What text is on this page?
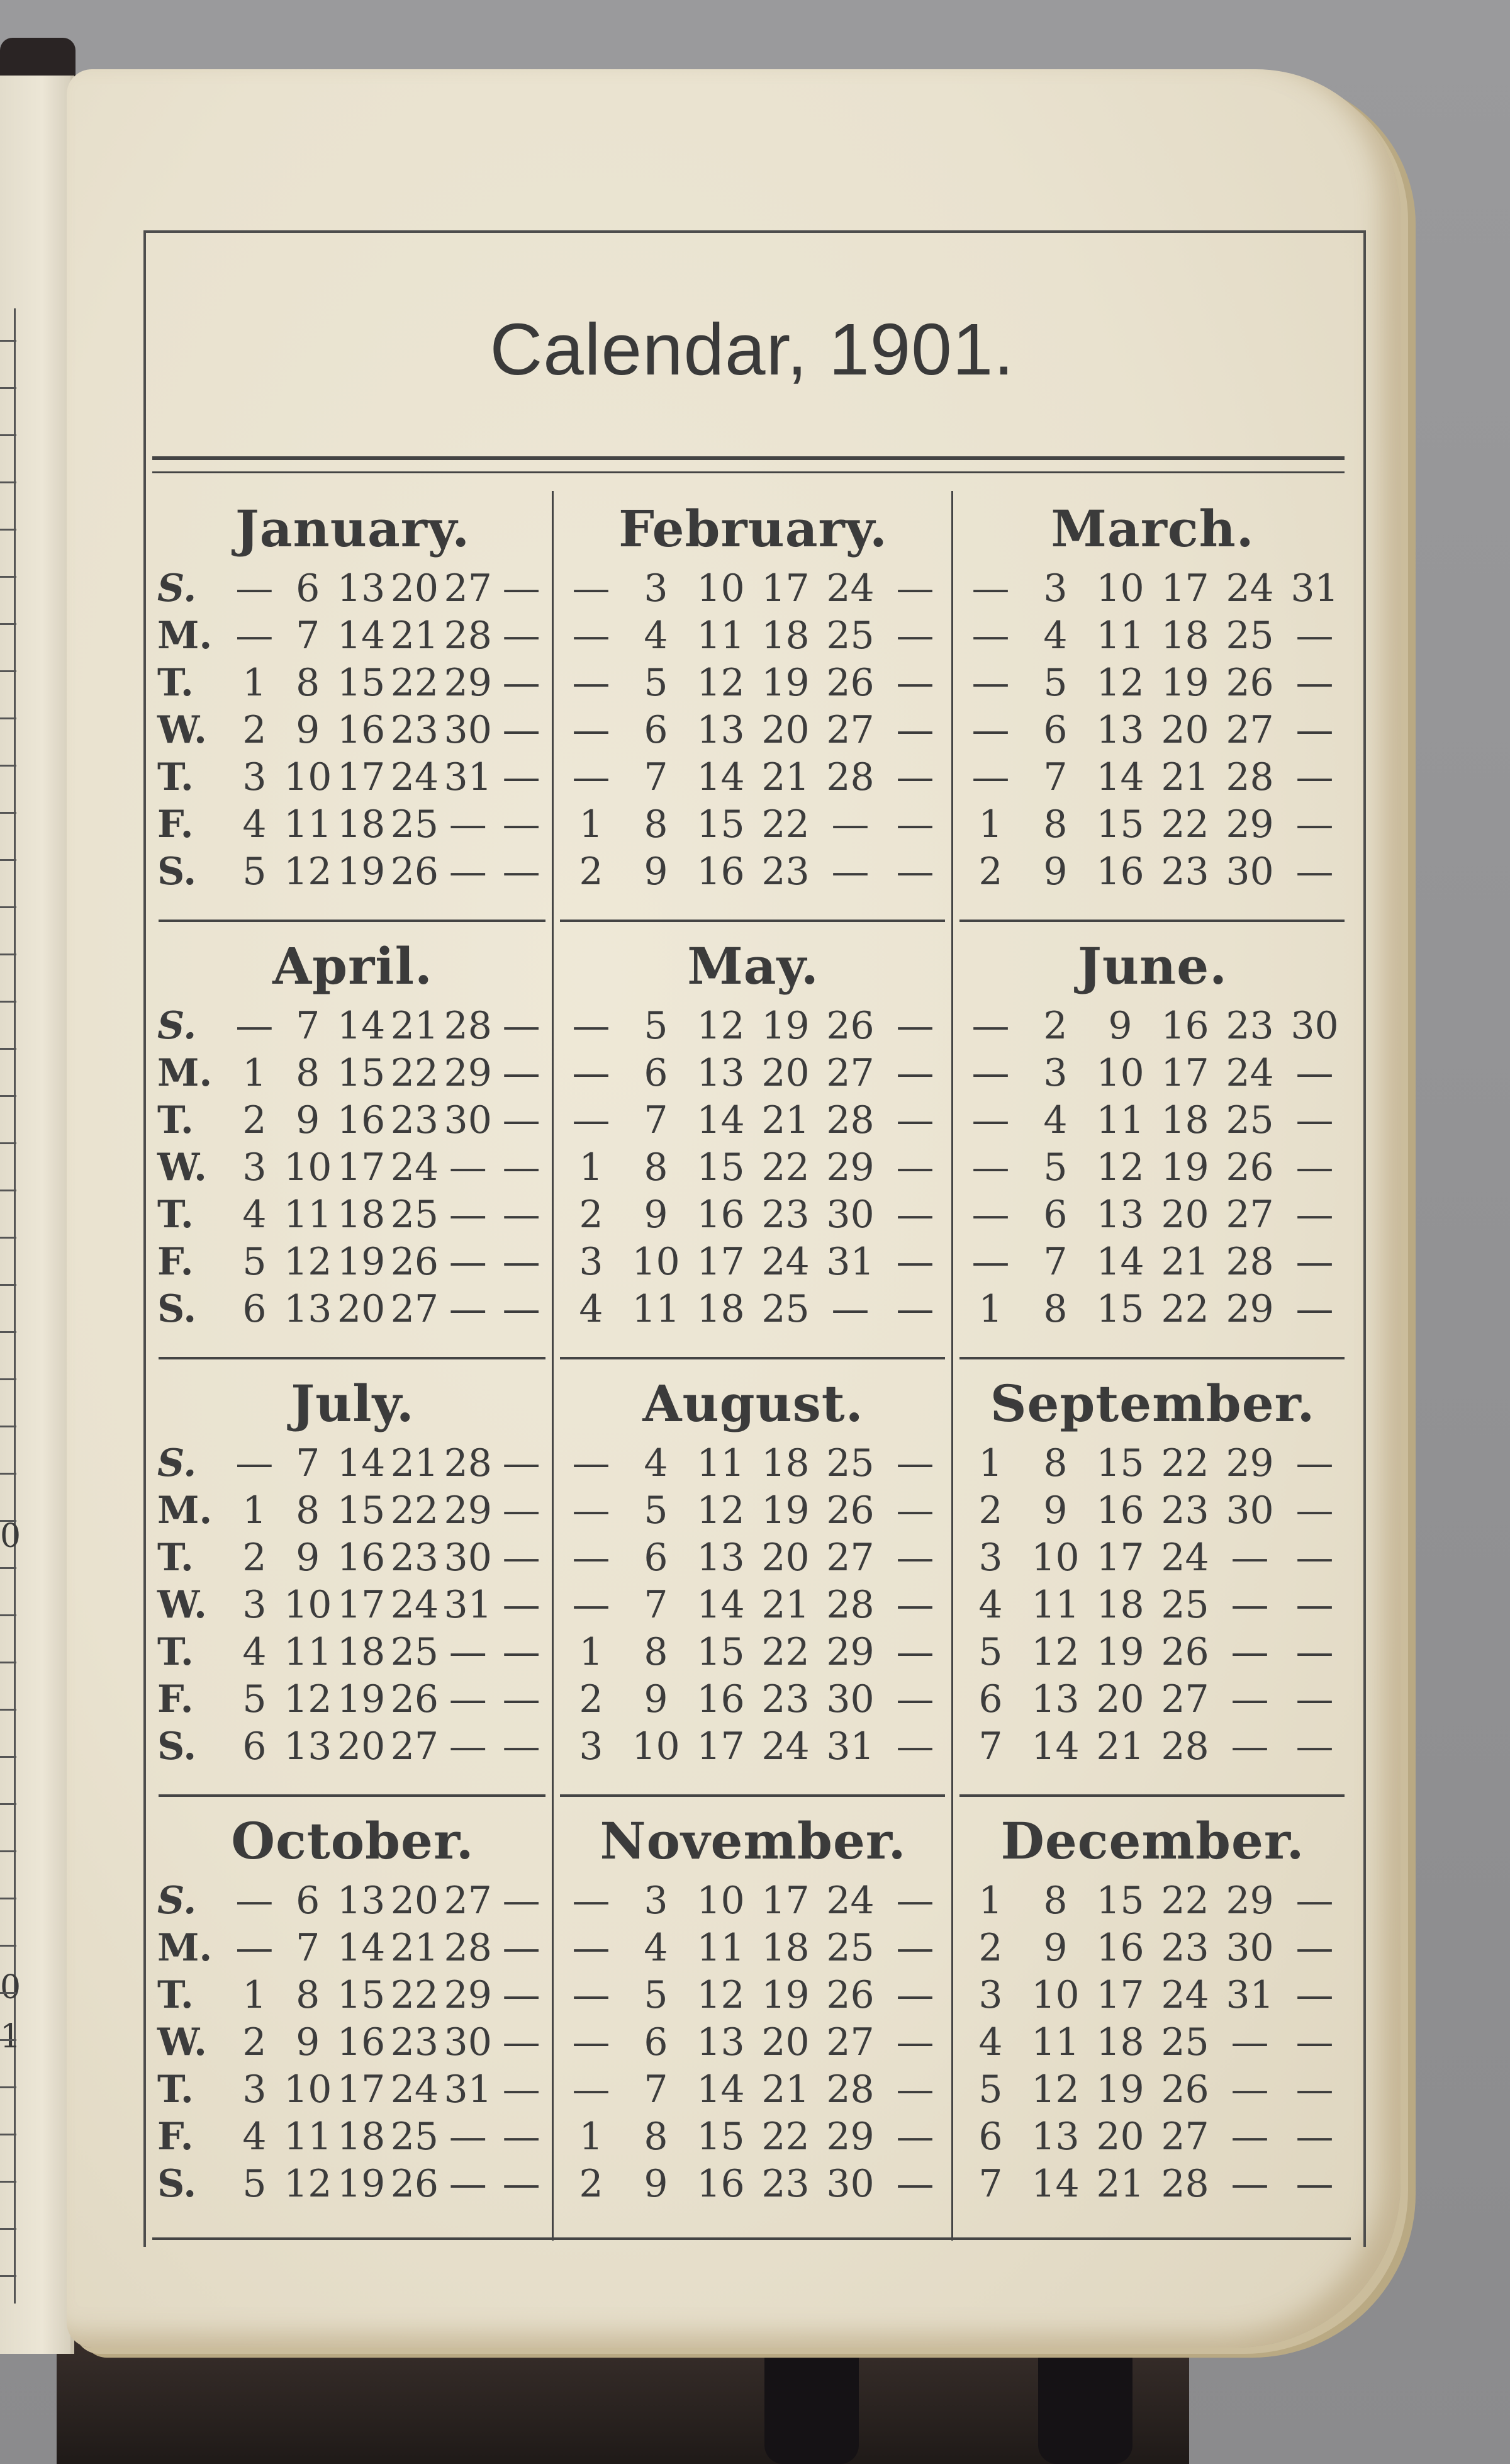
0
0
1
Calendar, 1901.
January.
S.	—	6	13	20	27	—
M.	—	7	14	21	28	—
T.	1	8	15	22	29	—
W.	2	9	16	23	30	—
T.	3	10	17	24	31	—
F.	4	11	18	25	—	—
S.	5	12	19	26	—	—
February.
—	3	10	17	24	—
—	4	11	18	25	—
—	5	12	19	26	—
—	6	13	20	27	—
—	7	14	21	28	—
1	8	15	22	—	—
2	9	16	23	—	—
March.
—	3	10	17	24	31
—	4	11	18	25	—
—	5	12	19	26	—
—	6	13	20	27	—
—	7	14	21	28	—
1	8	15	22	29	—
2	9	16	23	30	—
April.
S.	—	7	14	21	28	—
M.	1	8	15	22	29	—
T.	2	9	16	23	30	—
W.	3	10	17	24	—	—
T.	4	11	18	25	—	—
F.	5	12	19	26	—	—
S.	6	13	20	27	—	—
May.
—	5	12	19	26	—
—	6	13	20	27	—
—	7	14	21	28	—
1	8	15	22	29	—
2	9	16	23	30	—
3	10	17	24	31	—
4	11	18	25	—	—
June.
—	2	9	16	23	30
—	3	10	17	24	—
—	4	11	18	25	—
—	5	12	19	26	—
—	6	13	20	27	—
—	7	14	21	28	—
1	8	15	22	29	—
July.
S.	—	7	14	21	28	—
M.	1	8	15	22	29	—
T.	2	9	16	23	30	—
W.	3	10	17	24	31	—
T.	4	11	18	25	—	—
F.	5	12	19	26	—	—
S.	6	13	20	27	—	—
August.
—	4	11	18	25	—
—	5	12	19	26	—
—	6	13	20	27	—
—	7	14	21	28	—
1	8	15	22	29	—
2	9	16	23	30	—
3	10	17	24	31	—
September.
1	8	15	22	29	—
2	9	16	23	30	—
3	10	17	24	—	—
4	11	18	25	—	—
5	12	19	26	—	—
6	13	20	27	—	—
7	14	21	28	—	—
October.
S.	—	6	13	20	27	—
M.	—	7	14	21	28	—
T.	1	8	15	22	29	—
W.	2	9	16	23	30	—
T.	3	10	17	24	31	—
F.	4	11	18	25	—	—
S.	5	12	19	26	—	—
November.
—	3	10	17	24	—
—	4	11	18	25	—
—	5	12	19	26	—
—	6	13	20	27	—
—	7	14	21	28	—
1	8	15	22	29	—
2	9	16	23	30	—
December.
1	8	15	22	29	—
2	9	16	23	30	—
3	10	17	24	31	—
4	11	18	25	—	—
5	12	19	26	—	—
6	13	20	27	—	—
7	14	21	28	—	—
